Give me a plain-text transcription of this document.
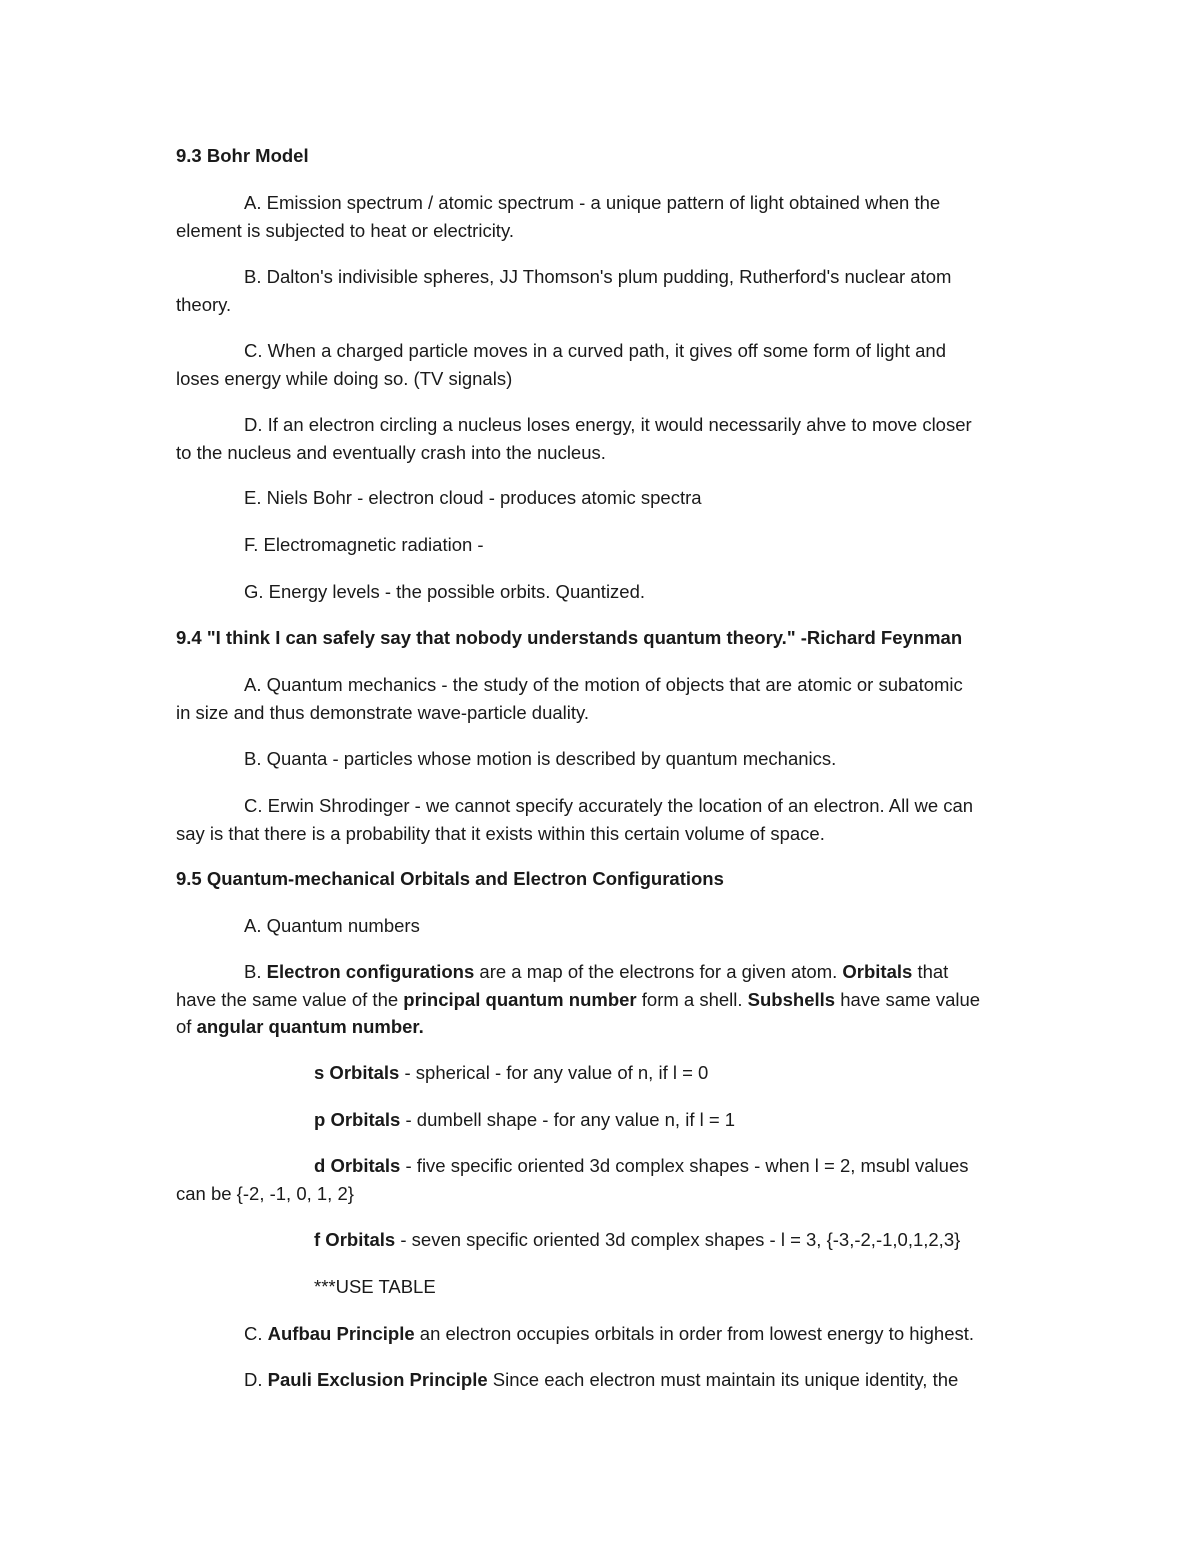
9.3 Bohr Model
A. Emission spectrum / atomic spectrum - a unique pattern of light obtained when the
element is subjected to heat or electricity.
B. Dalton's indivisible spheres, JJ Thomson's plum pudding, Rutherford's nuclear atom
theory.
C. When a charged particle moves in a curved path, it gives off some form of light and
loses energy while doing so. (TV signals)
D. If an electron circling a nucleus loses energy, it would necessarily ahve to move closer
to the nucleus and eventually crash into the nucleus.
E. Niels Bohr - electron cloud - produces atomic spectra
F. Electromagnetic radiation -
G. Energy levels - the possible orbits. Quantized.
9.4 "I think I can safely say that nobody understands quantum theory." -Richard Feynman
A. Quantum mechanics - the study of the motion of objects that are atomic or subatomic
in size and thus demonstrate wave-particle duality.
B. Quanta - particles whose motion is described by quantum mechanics.
C. Erwin Shrodinger - we cannot specify accurately the location of an electron. All we can
say is that there is a probability that it exists within this certain volume of space.
9.5 Quantum-mechanical Orbitals and Electron Configurations
A. Quantum numbers
B. Electron configurations are a map of the electrons for a given atom. Orbitals that
have the same value of the principal quantum number form a shell. Subshells have same value
of angular quantum number.
s Orbitals - spherical - for any value of n, if l = 0
p Orbitals - dumbell shape - for any value n, if l = 1
d Orbitals - five specific oriented 3d complex shapes - when l = 2, msubl values
can be {-2, -1, 0, 1, 2}
f Orbitals - seven specific oriented 3d complex shapes - l = 3, {-3,-2,-1,0,1,2,3}
***USE TABLE
C. Aufbau Principle an electron occupies orbitals in order from lowest energy to highest.
D. Pauli Exclusion Principle Since each electron must maintain its unique identity, the
